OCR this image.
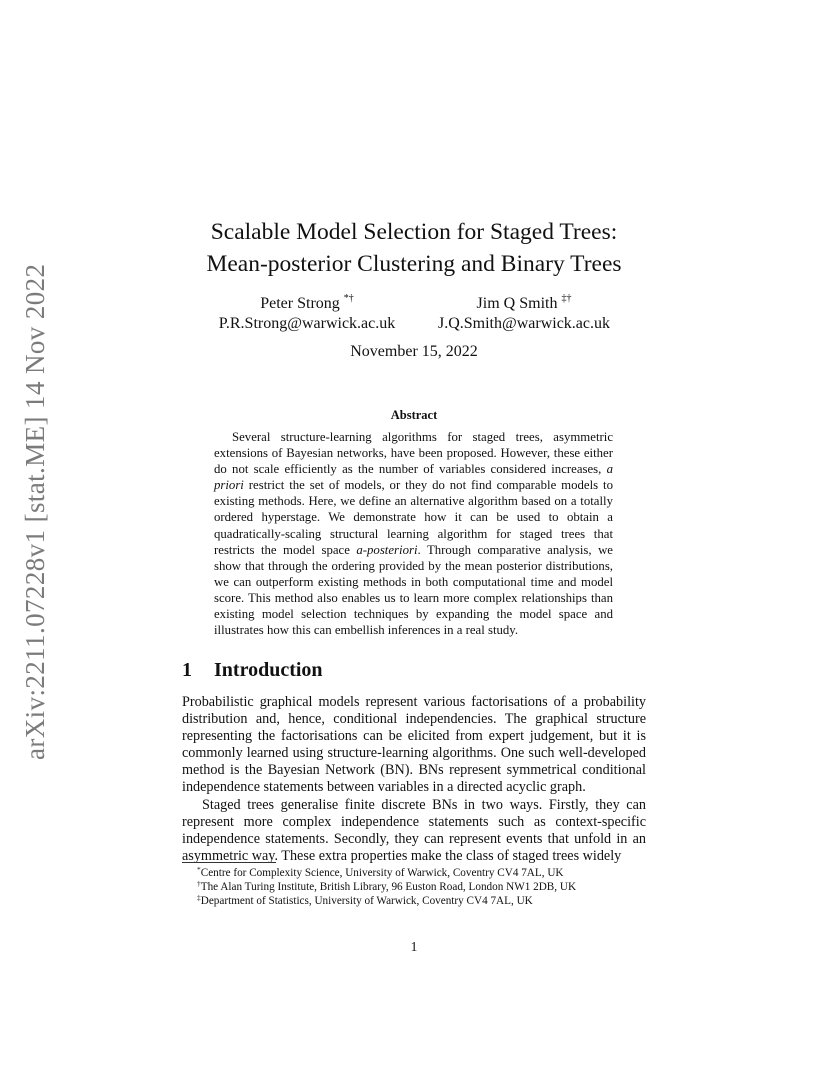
arXiv:2211.07228v1 [stat.ME] 14 Nov 2022
Scalable Model Selection for Staged Trees:
Mean-posterior Clustering and Binary Trees
Peter Strong *†
P.R.Strong@warwick.ac.uk
Jim Q Smith ‡†
J.Q.Smith@warwick.ac.uk
November 15, 2022
Abstract
Several structure-learning algorithms for staged trees, asymmetric extensions of Bayesian networks, have been proposed. However, these either do not scale efficiently as the number of variables considered increases, a priori restrict the set of models, or they do not find comparable models to existing methods. Here, we define an alternative algorithm based on a totally ordered hyperstage. We demonstrate how it can be used to obtain a quadratically-scaling structural learning algorithm for staged trees that restricts the model space a-posteriori. Through comparative analysis, we show that through the ordering provided by the mean posterior distributions, we can outperform existing methods in both computational time and model score. This method also enables us to learn more complex relationships than existing model selection techniques by expanding the model space and illustrates how this can embellish inferences in a real study.
1 Introduction

Probabilistic graphical models represent various factorisations of a probability distribution and, hence, conditional independencies. The graphical structure representing the factorisations can be elicited from expert judgement, but it is commonly learned using structure-learning algorithms. One such well-developed method is the Bayesian Network (BN). BNs represent symmetrical conditional independence statements between variables in a directed acyclic graph.

Staged trees generalise finite discrete BNs in two ways. Firstly, they can represent more complex independence statements such as context-specific independence statements. Secondly, they can represent events that unfold in an asymmetric way. These extra properties make the class of staged trees widely

*Centre for Complexity Science, University of Warwick, Coventry CV4 7AL, UK
†The Alan Turing Institute, British Library, 96 Euston Road, London NW1 2DB, UK
‡Department of Statistics, University of Warwick, Coventry CV4 7AL, UK
1
